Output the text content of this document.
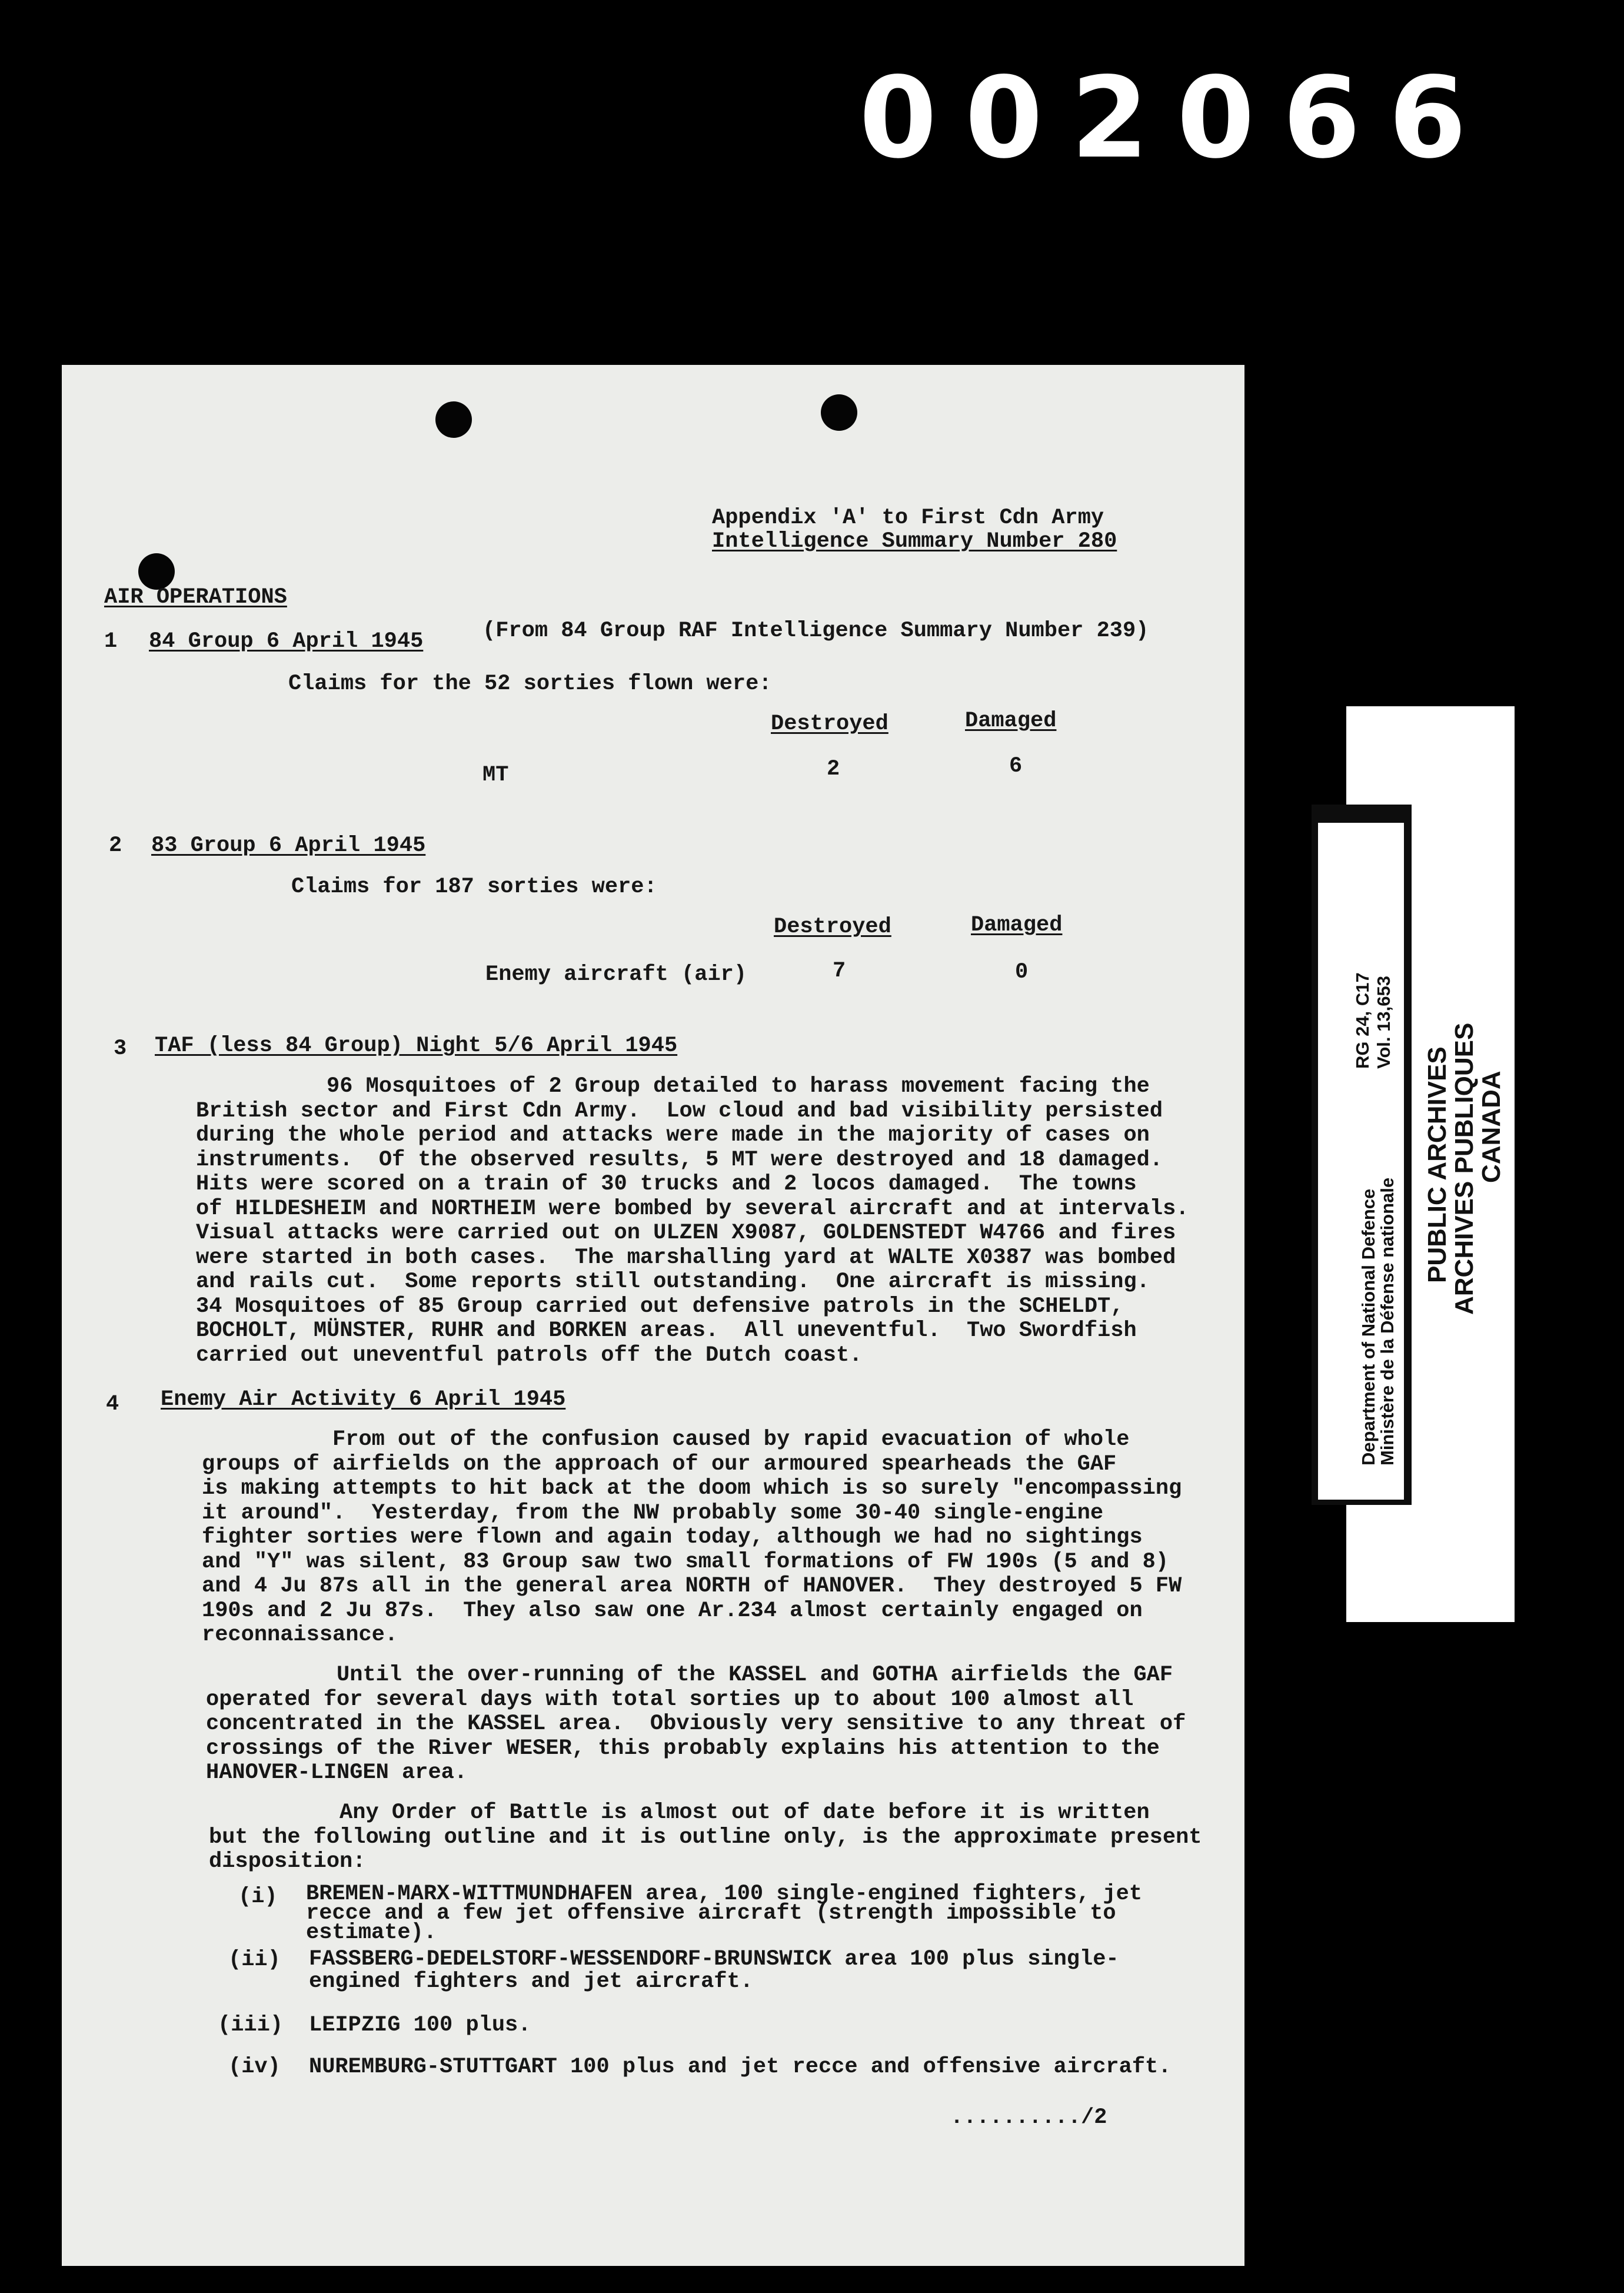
0 0 2 0 6 6
Appendix 'A' to First Cdn Army
Intelligence Summary Number 280
AIR OPERATIONS
1 84 Group 6 April 1945	(From 84 Group RAF Intelligence Summary Number 239)
Claims for the 52 sorties flown were:
Destroyed	Damaged
MT	2	6
2 83 Group 6 April 1945
Claims for 187 sorties were:
Destroyed	Damaged
Enemy aircraft (air)	7	0
3 TAF (less 84 Group) Night 5/6 April 1945
96 Mosquitoes of 2 Group detailed to harass movement facing the
British sector and First Cdn Army.  Low cloud and bad visibility persisted
during the whole period and attacks were made in the majority of cases on
instruments.  Of the observed results, 5 MT were destroyed and 18 damaged.
Hits were scored on a train of 30 trucks and 2 locos damaged.  The towns
of HILDESHEIM and NORTHEIM were bombed by several aircraft and at intervals.
Visual attacks were carried out on ULZEN X9087, GOLDENSTEDT W4766 and fires
were started in both cases.  The marshalling yard at WALTE X0387 was bombed
and rails cut.  Some reports still outstanding.  One aircraft is missing.
34 Mosquitoes of 85 Group carried out defensive patrols in the SCHELDT,
BOCHOLT, MÜNSTER, RUHR and BORKEN areas.  All uneventful.  Two Swordfish
carried out uneventful patrols off the Dutch coast.
4 Enemy Air Activity 6 April 1945
From out of the confusion caused by rapid evacuation of whole
groups of airfields on the approach of our armoured spearheads the GAF
is making attempts to hit back at the doom which is so surely "encompassing
it around".  Yesterday, from the NW probably some 30-40 single-engine
fighter sorties were flown and again today, although we had no sightings
and "Y" was silent, 83 Group saw two small formations of FW 190s (5 and 8)
and 4 Ju 87s all in the general area NORTH of HANOVER.  They destroyed 5 FW
190s and 2 Ju 87s.  They also saw one Ar.234 almost certainly engaged on
reconnaissance.
Until the over-running of the KASSEL and GOTHA airfields the GAF
operated for several days with total sorties up to about 100 almost all
concentrated in the KASSEL area.  Obviously very sensitive to any threat of
crossings of the River WESER, this probably explains his attention to the
HANOVER-LINGEN area.
Any Order of Battle is almost out of date before it is written
but the following outline and it is outline only, is the approximate present
disposition:
(i) BREMEN-MARX-WITTMUNDHAFEN area, 100 single-engined fighters, jet
recce and a few jet offensive aircraft (strength impossible to
estimate).
(ii) FASSBERG-DEDELSTORF-WESSENDORF-BRUNSWICK area 100 plus single-
engined fighters and jet aircraft.
(iii) LEIPZIG 100 plus.
(iv) NUREMBURG-STUTTGART 100 plus and jet recce and offensive aircraft.
........../2
Department of National Defence
Ministère de la Défense nationale
RG 24, C17 Vol. 13,653
PUBLIC ARCHIVES
ARCHIVES PUBLIQUES
CANADA
